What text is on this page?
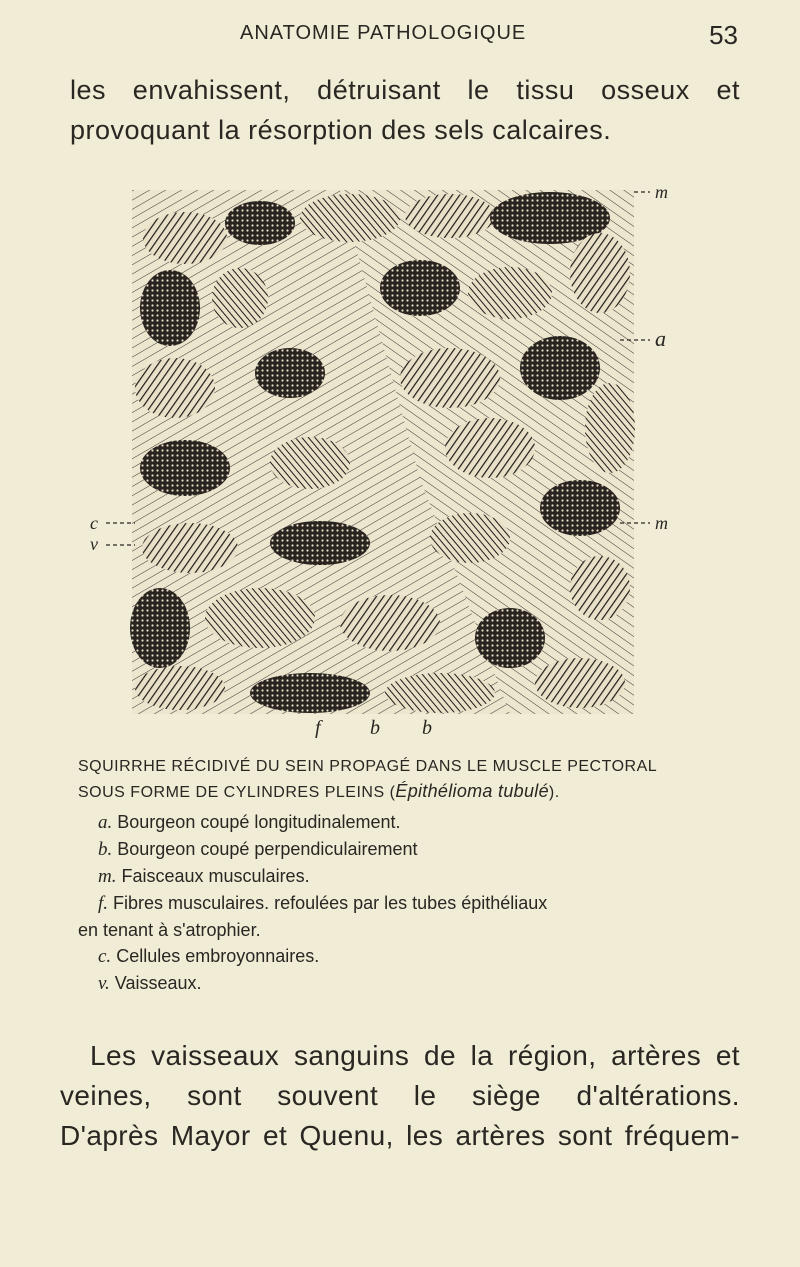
ANATOMIE PATHOLOGIQUE	53
les envahissent, détruisant le tissu osseux et
provoquant la résorption des sels calcaires.
m
a
m
c
v
f b b
SQUIRRHE RÉCIDIVÉ DU SEIN PROPAGÉ DANS LE MUSCLE PECTORAL
SOUS FORME DE CYLINDRES PLEINS (Épithélioma tubulé).
a. Bourgeon coupé longitudinalement.
b. Bourgeon coupé perpendiculairement
m. Faisceaux musculaires.
f. Fibres musculaires. refoulées par les tubes épithéliaux
en tenant à s'atrophier.
c. Cellules embroyonnaires.
v. Vaisseaux.
Les vaisseaux sanguins de la région, artères et
veines, sont souvent le siège d'altérations.
D'après Mayor et Quenu, les artères sont fréquem-
